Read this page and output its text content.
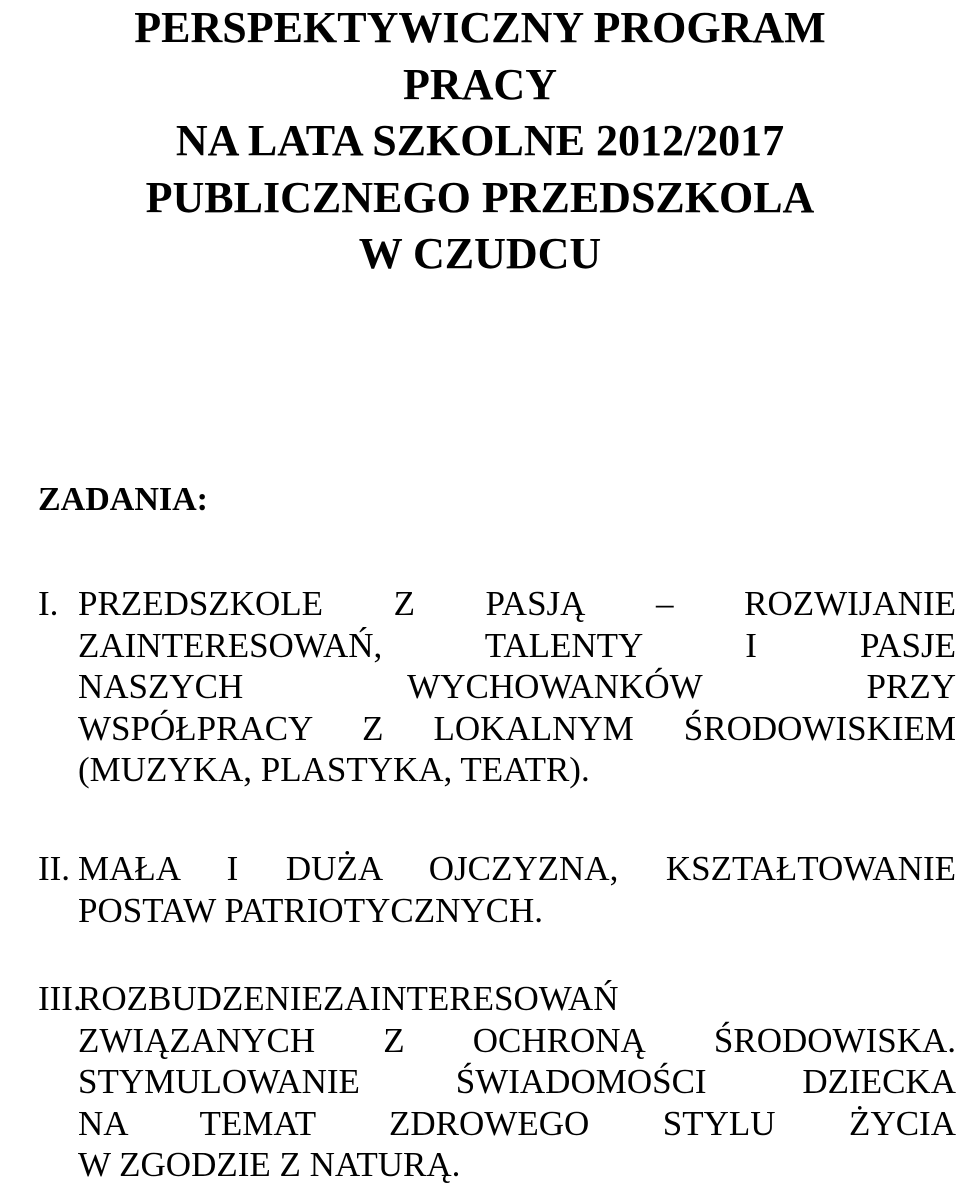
PERSPEKTYWICZNY PROGRAM
PRACY
NA LATA SZKOLNE 2012/2017
PUBLICZNEGO PRZEDSZKOLA
W CZUDCU
ZADANIA:
I. PRZEDSZKOLE Z PASJĄ – ROZWIJANIE
ZAINTERESOWAŃ, TALENTY I PASJE
NASZYCH WYCHOWANKÓW PRZY
WSPÓŁPRACY Z LOKALNYM ŚRODOWISKIEM
(MUZYKA, PLASTYKA, TEATR).
II. MAŁA I DUŻA OJCZYZNA, KSZTAŁTOWANIE
POSTAW PATRIOTYCZNYCH.
III.
ROZBUDZENIEZAINTERESOWAŃ
ZWIĄZANYCH Z OCHRONĄ ŚRODOWISKA.
STYMULOWANIE ŚWIADOMOŚCI DZIECKA
NA TEMAT ZDROWEGO STYLU ŻYCIA
W ZGODZIE Z NATURĄ.
